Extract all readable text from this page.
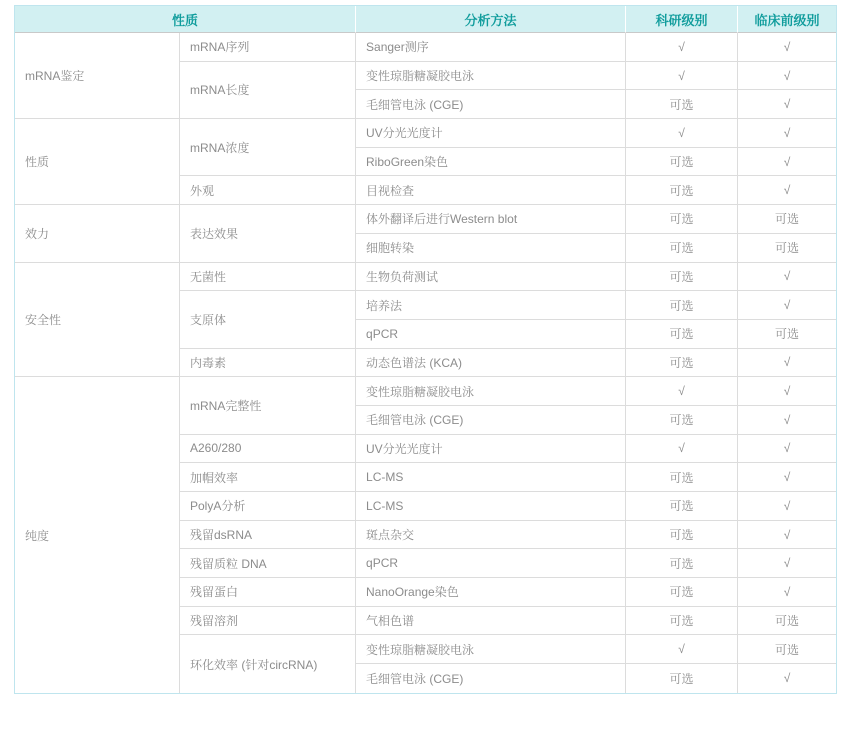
性质		分析方法	科研级别	临床前级别
mRNA鉴定	mRNA序列	Sanger测序	√	√
	mRNA长度	变性琼脂糖凝胶电泳	√	√
		毛细管电泳 (CGE)	可选	√
性质	mRNA浓度	UV分光光度计	√	√
		RiboGreen染色	可选	√
	外观	目视检查	可选	√
效力	表达效果	体外翻译后进行Western blot	可选	可选
		细胞转染	可选	可选
安全性	无菌性	生物负荷测试	可选	√
	支原体	培养法	可选	√
		qPCR	可选	可选
	内毒素	动态色谱法 (KCA)	可选	√
纯度	mRNA完整性	变性琼脂糖凝胶电泳	√	√
		毛细管电泳 (CGE)	可选	√
	A260/280	UV分光光度计	√	√
	加帽效率	LC-MS	可选	√
	PolyA分析	LC-MS	可选	√
	残留dsRNA	斑点杂交	可选	√
	残留质粒 DNA	qPCR	可选	√
	残留蛋白	NanoOrange染色	可选	√
	残留溶剂	气相色谱	可选	可选
	环化效率 (针对circRNA)	变性琼脂糖凝胶电泳	√	可选
		毛细管电泳 (CGE)	可选	√
